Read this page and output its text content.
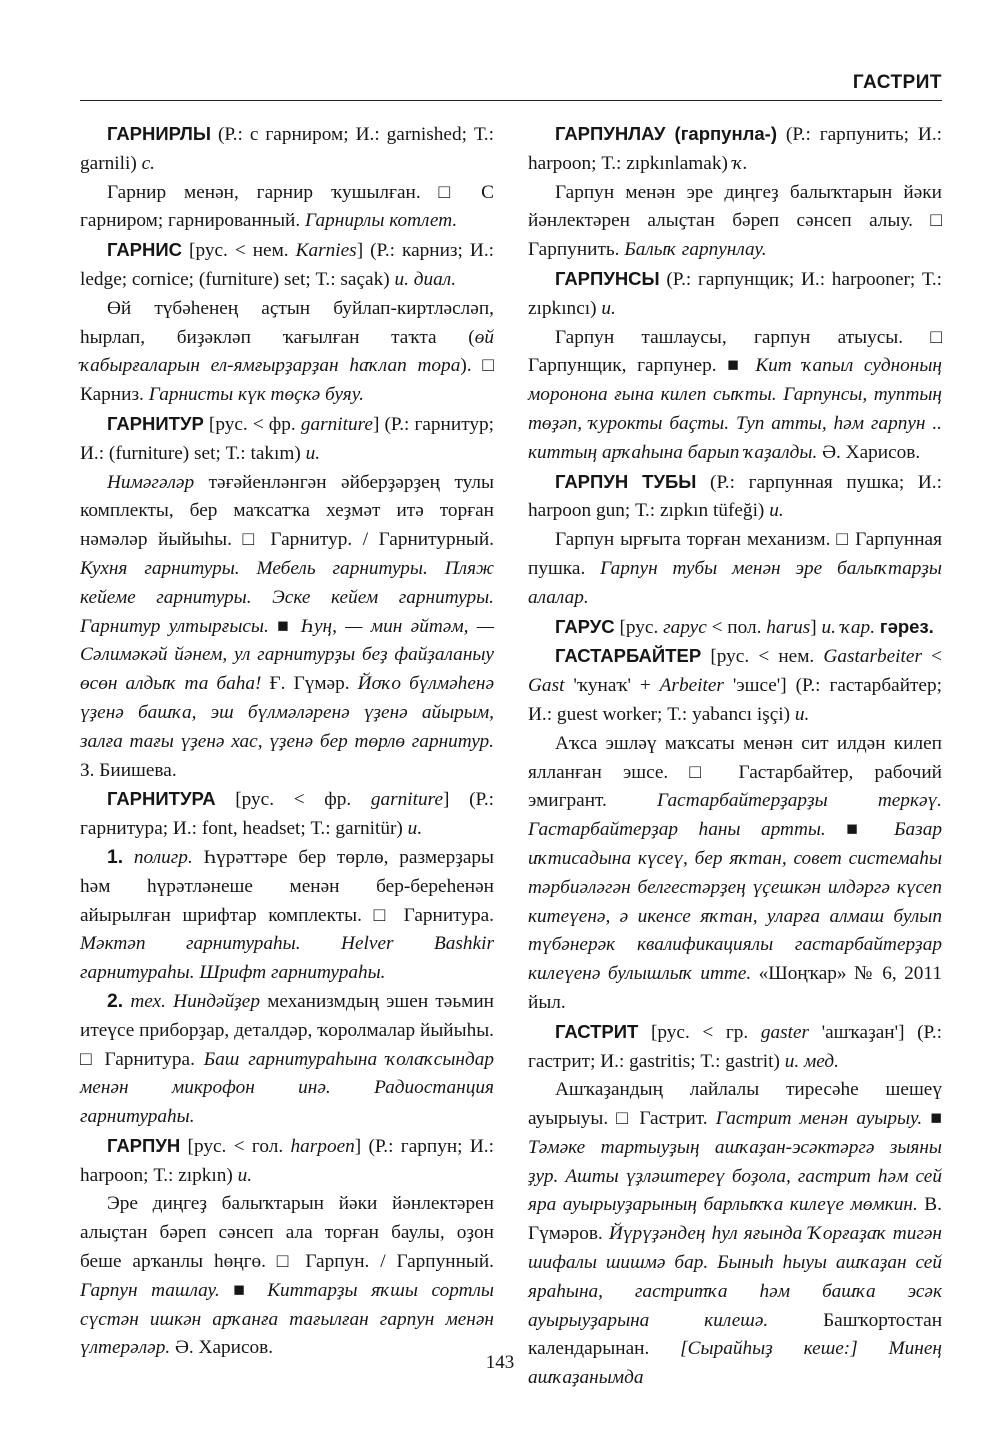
ГАСТРИТ

ГАРНИРЛЫ (Р.: с гарниром; И.: garnished; Т.: garnili) с.

Гарнир менән, гарнир ҡушылған. □ С гарниром; гарнированный. Гарнирлы котлет.

ГАРНИС [рус. < нем. Karnies] (Р.: карниз; И.: ledge; cornice; (furniture) set; Т.: saçak) и. диал.

Өй түбәһенең аҫтын буйлап-киртләсләп, һырлап, биҙәкләп ҡағылған таҡта (өй ҡабырғаларын ел-ямғырҙарҙан һаҡлап тора). □ Карниз. Гарнисты күк төҫкә буяу.

ГАРНИТУР [рус. < фр. garniture] (Р.: гарнитур; И.: (furniture) set; Т.: takım) и.

Нимәгәләр тәғәйенләнгән әйберҙәрҙең тулы комплекты, бер маҡсатҡа хеҙмәт итә торған нәмәләр йыйыһы. □ Гарнитур. / Гарнитурный. Кухня гарнитуры. Мебель гарнитуры. Пляж кейеме гарнитуры. Эске кейем гарнитуры. Гарнитур ултырғысы. ■ Һуң, — мин әйтәм, — Сәлимәкәй йәнем, ул гарнитурҙы беҙ файҙаланыу өсөн алдыҡ та баһа! Ғ. Гүмәр. Йоҡо бүлмәһенә үҙенә башҡа, эш бүлмәләренә үҙенә айырым, залға тағы үҙенә хас, үҙенә бер төрлө гарнитур. З. Биишева.

ГАРНИТУРА [рус. < фр. garniture] (Р.: гарнитура; И.: font, headset; Т.: garnitür) и.

1. полигр. Һүрәттәре бер төрлө, размерҙары һәм һүрәтләнеше менән бер-береһенән айырылған шрифтар комплекты. □ Гарнитура. Мәктәп гарнитураһы. Helver Bashkir гарнитураһы. Шрифт гарнитураһы.

2. тех. Ниндәйҙер механизмдың эшен тәьмин итеүсе приборҙар, деталдәр, ҡоролмалар йыйыһы. □ Гарнитура. Баш гарнитураһына ҡолаҡсындар менән микрофон инә. Радиостанция гарнитураһы.

ГАРПУН [рус. < гол. harpoen] (Р.: гарпун; И.: harpoon; Т.: zıpkın) и.

Эре диңгеҙ балыҡтарын йәки йәнлектәрен алыҫтан бәреп сәнсеп ала торған баулы, оҙон беше арҡанлы һөңгө. □ Гарпун. / Гарпунный. Гарпун ташлау. ■ Киттарҙы яҡшы сортлы сүстән ишкән арҡанға тағылған гарпун менән үлтерәләр. Ә. Харисов.

ГАРПУНЛАУ (гарпунла-) (Р.: гарпунить; И.: harpoon; Т.: zıpkınlamak) ҡ.

Гарпун менән эре диңгеҙ балыҡтарын йәки йәнлектәрен алыҫтан бәреп сәнсеп алыу. □ Гарпунить. Балыҡ гарпунлау.

ГАРПУНСЫ (Р.: гарпунщик; И.: harpooner; Т.: zıpkıncı) и.

Гарпун ташлаусы, гарпун атыусы. □ Гарпунщик, гарпунер. ■ Кит ҡапыл судноның моронона ғына килеп сыҡты. Гарпунсы, туптың төҙәп, ҡурокты баҫты. Туп атты, һәм гарпун .. киттың арҡаһына барып ҡаҙалды. Ә. Харисов.

ГАРПУН ТУБЫ (Р.: гарпунная пушка; И.: harpoon gun; Т.: zıpkın tüfeği) и.

Гарпун ырғыта торған механизм. □ Гарпунная пушка. Гарпун тубы менән эре балыҡтарҙы алалар.

ГАРУС [рус. гарус < пол. harus] и. ҡар. гәрез.

ГАСТАРБАЙТЕР [рус. < нем. Gastarbeiter < Gast 'ҡунаҡ' + Arbeiter 'эшсе'] (Р.: гастарбайтер; И.: guest worker; Т.: yabancı işçi) и.

Аҡса эшләү маҡсаты менән сит илдән килеп ялланған эшсе. □ Гастарбайтер, рабочий эмигрант. Гастарбайтерҙарҙы теркәү. Гастарбайтерҙар һаны артты. ■ Базар иҡтисадына күсеү, бер яҡтан, совет системаһы тәрбиәләгән белгестәрҙең үҫешкән илдәргә күсеп китеүенә, ә икенсе яҡтан, уларға алмаш булып түбәнерәк квалификациялы гастарбайтерҙар килеүенә булышлыҡ итте. «Шоңҡар» № 6, 2011 йыл.

ГАСТРИТ [рус. < гр. gaster 'ашҡаҙан'] (Р.: гастрит; И.: gastritis; Т.: gastrit) и. мед.

Ашҡаҙандың лайлалы тиресәһе шешеү ауырыуы. □ Гастрит. Гастрит менән ауырыу. ■ Тәмәке тартыуҙың ашҡаҙан-эсәктәргә зыяны ҙур. Ашты үҙләштереү боҙола, гастрит һәм сей яра ауырыуҙарының барлыҡҡа килеүе мөмкин. В. Гүмәров. Йүрүҙәндең һул яғында Ҡорғаҙаҡ тигән шифалы шишмә бар. Быныһ һыуы ашҡаҙан сей яраһына, гастритҡа һәм башҡа эсәк ауырыуҙарына килешә. Башҡортостан календарынан. [Сырайһыҙ кеше:] Минең ашҡаҙанымда

143
